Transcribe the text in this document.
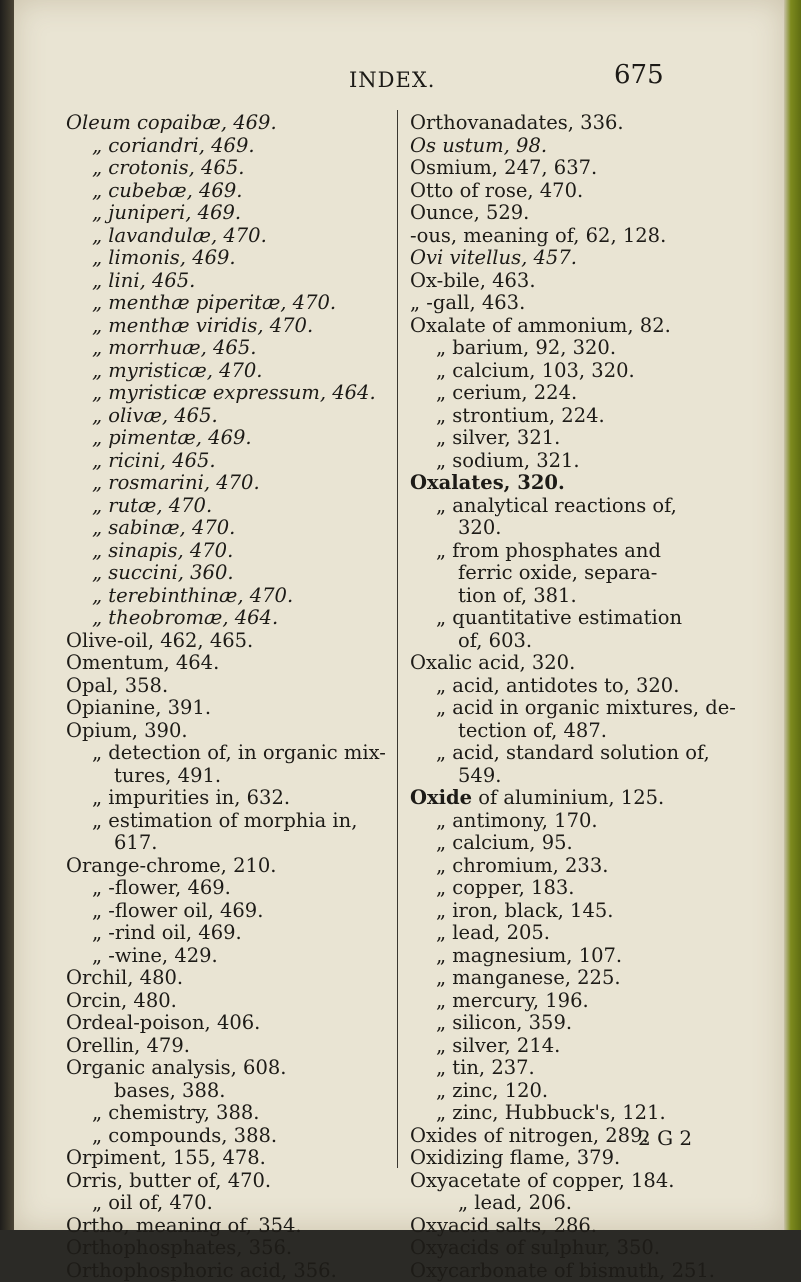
INDEX.	675
Oleum copaibæ, 469.
„ coriandri, 469.
„ crotonis, 465.
„ cubebæ, 469.
„ juniperi, 469.
„ lavandulæ, 470.
„ limonis, 469.
„ lini, 465.
„ menthæ piperitæ, 470.
„ menthæ viridis, 470.
„ morrhuæ, 465.
„ myristicæ, 470.
„ myristicæ expressum, 464.
„ olivæ, 465.
„ pimentæ, 469.
„ ricini, 465.
„ rosmarini, 470.
„ rutæ, 470.
„ sabinæ, 470.
„ sinapis, 470.
„ succini, 360.
„ terebinthinæ, 470.
„ theobromæ, 464.
Olive-oil, 462, 465.
Omentum, 464.
Opal, 358.
Opianine, 391.
Opium, 390.
„ detection of, in organic mix-
tures, 491.
„ impurities in, 632.
„ estimation of morphia in,
617.
Orange-chrome, 210.
„ -flower, 469.
„ -flower oil, 469.
„ -rind oil, 469.
„ -wine, 429.
Orchil, 480.
Orcin, 480.
Ordeal-poison, 406.
Orellin, 479.
Organic analysis, 608.
bases, 388.
„ chemistry, 388.
„ compounds, 388.
Orpiment, 155, 478.
Orris, butter of, 470.
„ oil of, 470.
Ortho, meaning of, 354.
Orthophosphates, 356.
Orthophosphoric acid, 356.
Orthovanadates, 336.
Os ustum, 98.
Osmium, 247, 637.
Otto of rose, 470.
Ounce, 529.
-ous, meaning of, 62, 128.
Ovi vitellus, 457.
Ox-bile, 463.
„ -gall, 463.
Oxalate of ammonium, 82.
„ barium, 92, 320.
„ calcium, 103, 320.
„ cerium, 224.
„ strontium, 224.
„ silver, 321.
„ sodium, 321.
Oxalates, 320.
„ analytical reactions of,
320.
„ from phosphates and
ferric oxide, separa-
tion of, 381.
„ quantitative estimation
of, 603.
Oxalic acid, 320.
„ acid, antidotes to, 320.
„ acid in organic mixtures, de-
tection of, 487.
„ acid, standard solution of,
549.
Oxide of aluminium, 125.
„ antimony, 170.
„ calcium, 95.
„ chromium, 233.
„ copper, 183.
„ iron, black, 145.
„ lead, 205.
„ magnesium, 107.
„ manganese, 225.
„ mercury, 196.
„ silicon, 359.
„ silver, 214.
„ tin, 237.
„ zinc, 120.
„ zinc, Hubbuck's, 121.
Oxides of nitrogen, 289.
Oxidizing flame, 379.
Oxyacetate of copper, 184.
„ lead, 206.
Oxyacid salts, 286.
Oxyacids of sulphur, 350.
Oxycarbonate of bismuth, 251.
2 G 2
